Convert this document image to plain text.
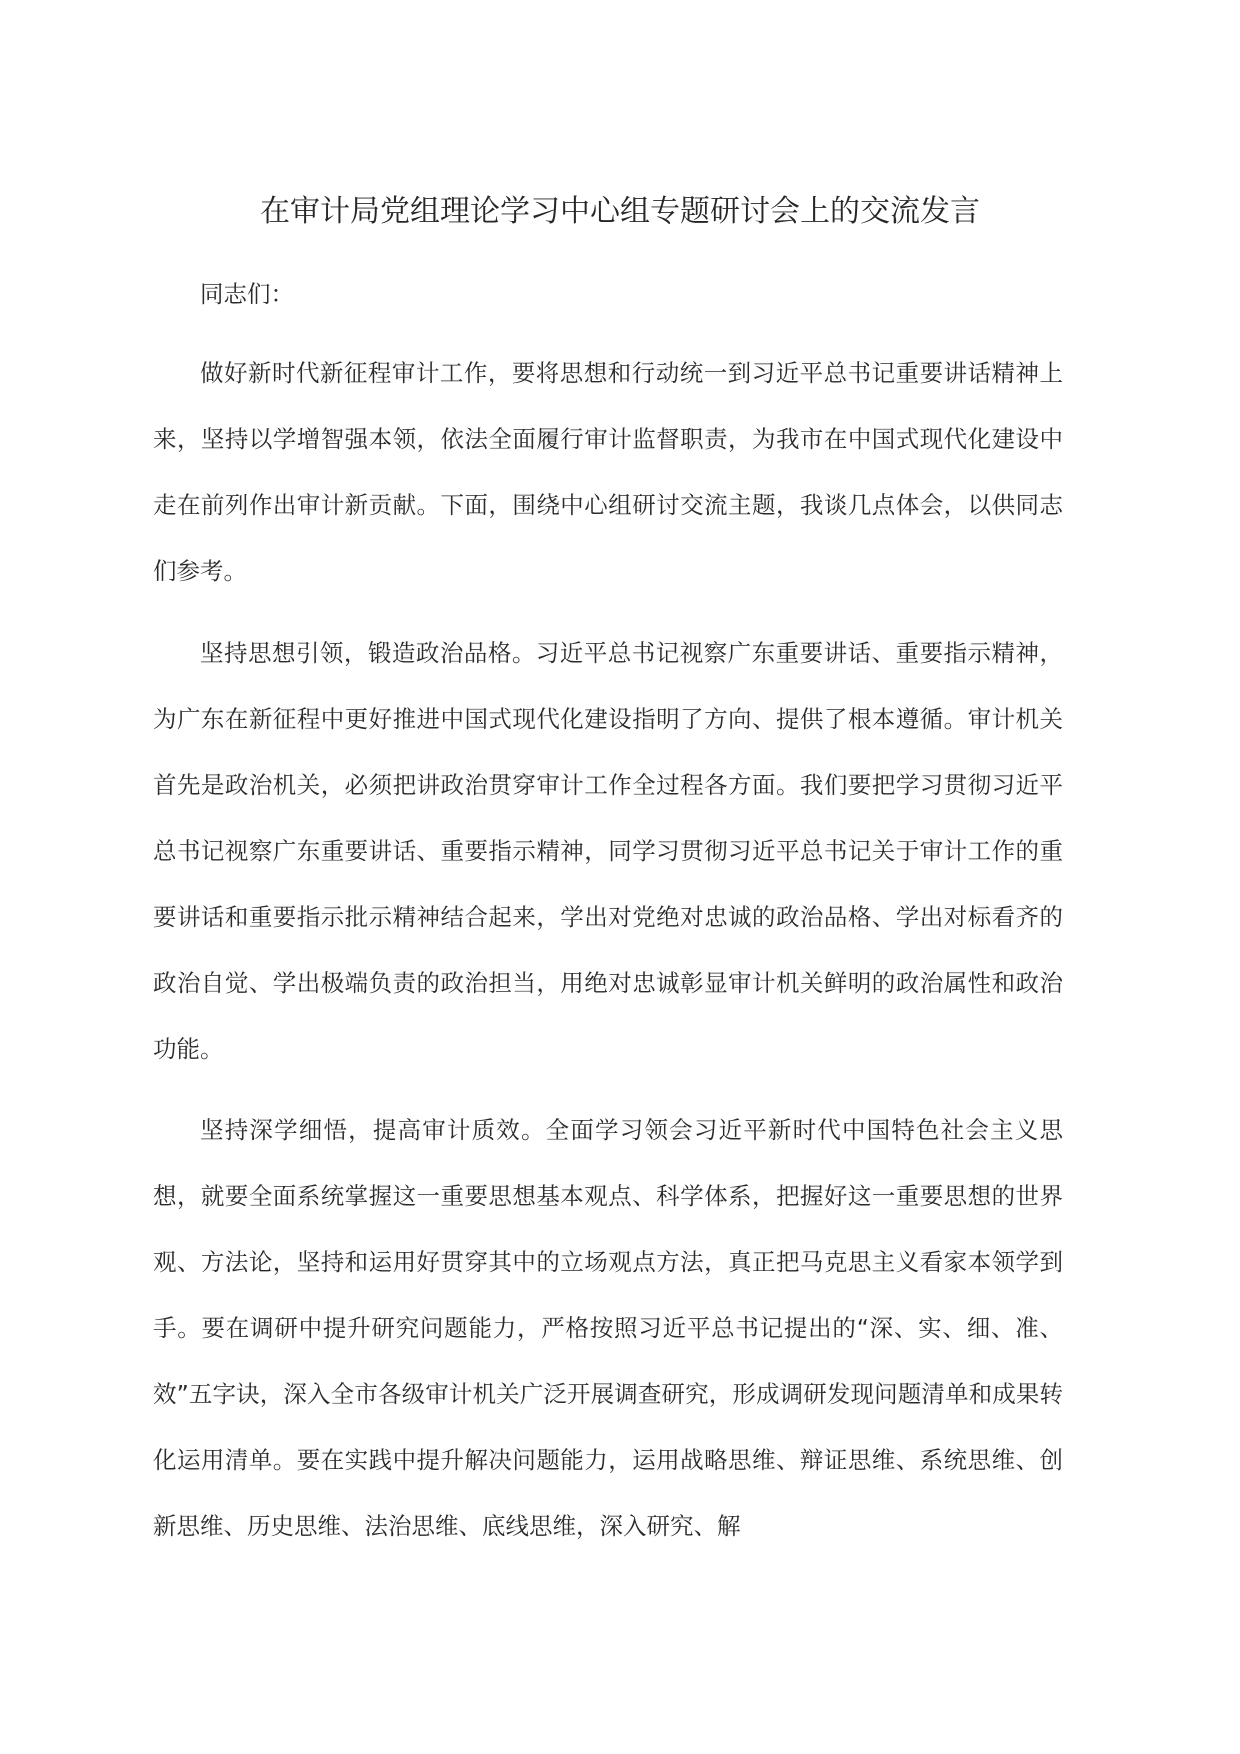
在审计局党组理论学习中心组专题研讨会上的交流发言

同志们：

做好新时代新征程审计工作，要将思想和行动统一到习近平总书记重要讲话精神上来，坚持以学增智强本领，依法全面履行审计监督职责，为我市在中国式现代化建设中走在前列作出审计新贡献。下面，围绕中心组研讨交流主题，我谈几点体会，以供同志们参考。

坚持思想引领，锻造政治品格。习近平总书记视察广东重要讲话、重要指示精神，为广东在新征程中更好推进中国式现代化建设指明了方向、提供了根本遵循。审计机关首先是政治机关，必须把讲政治贯穿审计工作全过程各方面。我们要把学习贯彻习近平总书记视察广东重要讲话、重要指示精神，同学习贯彻习近平总书记关于审计工作的重要讲话和重要指示批示精神结合起来，学出对党绝对忠诚的政治品格、学出对标看齐的政治自觉、学出极端负责的政治担当，用绝对忠诚彰显审计机关鲜明的政治属性和政治功能。

坚持深学细悟，提高审计质效。全面学习领会习近平新时代中国特色社会主义思想，就要全面系统掌握这一重要思想基本观点、科学体系，把握好这一重要思想的世界观、方法论，坚持和运用好贯穿其中的立场观点方法，真正把马克思主义看家本领学到手。要在调研中提升研究问题能力，严格按照习近平总书记提出的“深、实、细、准、效”五字诀，深入全市各级审计机关广泛开展调查研究，形成调研发现问题清单和成果转化运用清单。要在实践中提升解决问题能力，运用战略思维、辩证思维、系统思维、创新思维、历史思维、法治思维、底线思维，深入研究、解
